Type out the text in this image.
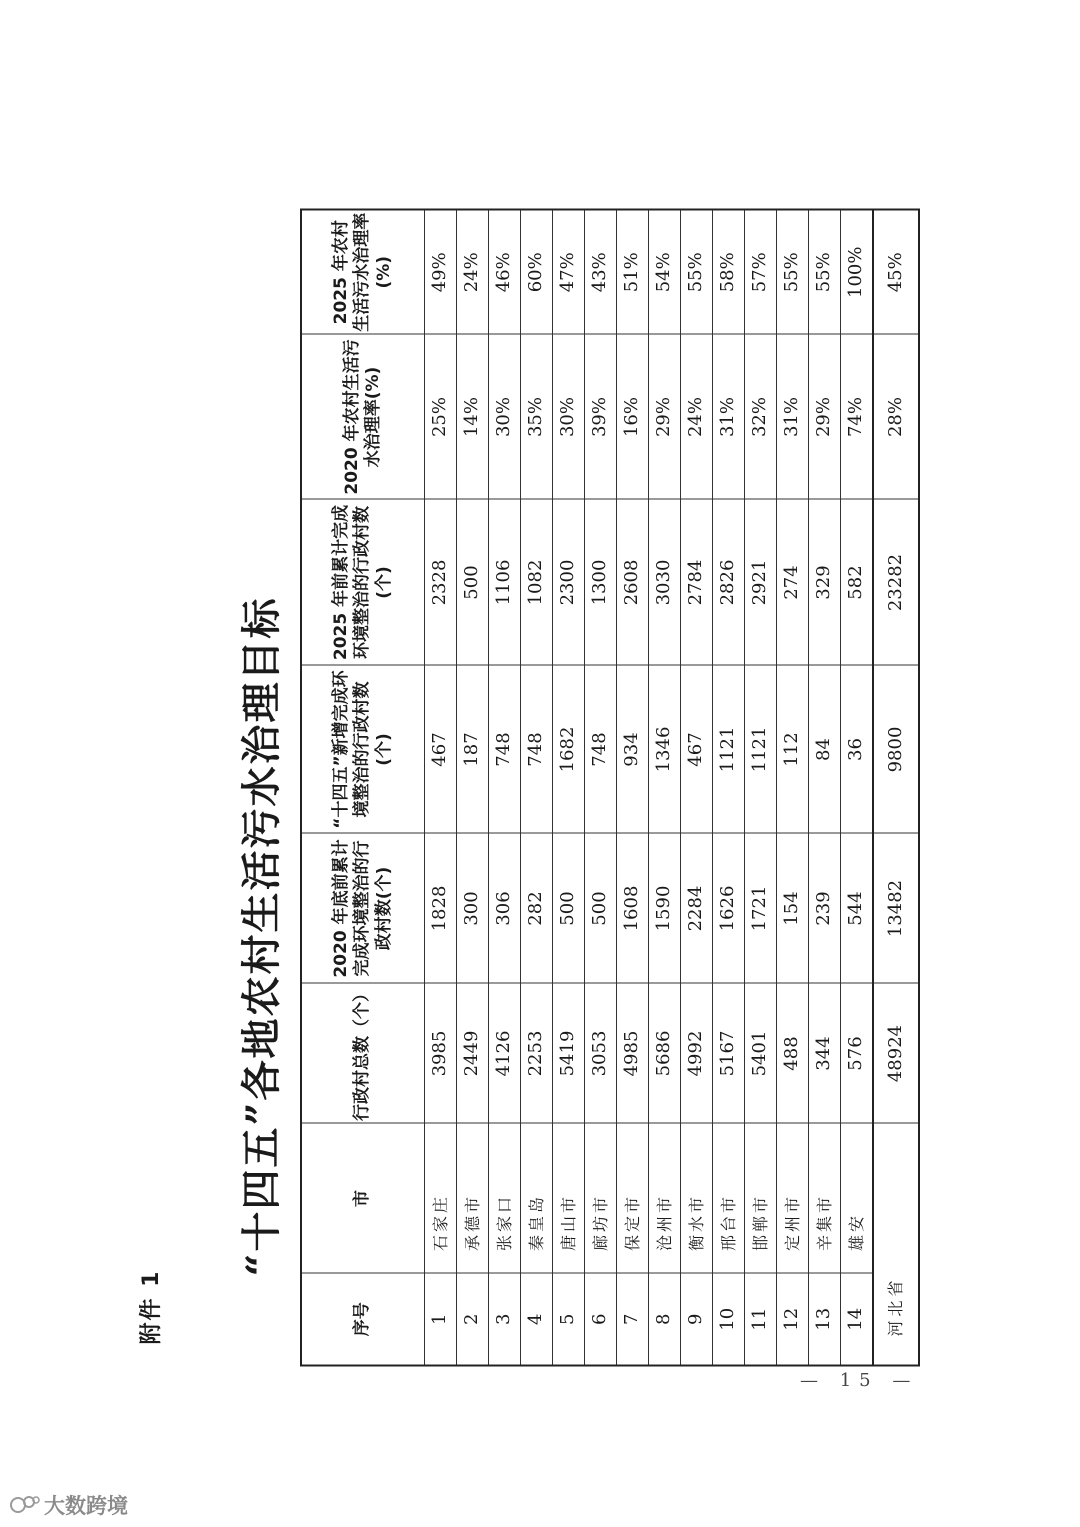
附件 1
“十四五”各地农村生活污水治理目标
序号	市	行政村总数（个）	2020 年底前累计完成环境整治的行政村数(个)	“十四五”新增完成环境整治的行政村数(个)	2025 年前累计完成环境整治的行政村数(个)	2020 年农村生活污水治理率(%)	2025 年农村生活污水治理率(%)
1	石家庄	3985	1828	467	2328	25%	49%
2	承德市	2449	300	187	500	14%	24%
3	张家口	4126	306	748	1106	30%	46%
4	秦皇岛	2253	282	748	1082	35%	60%
5	唐山市	5419	500	1682	2300	30%	47%
6	廊坊市	3053	500	748	1300	39%	43%
7	保定市	4985	1608	934	2608	16%	51%
8	沧州市	5686	1590	1346	3030	29%	54%
9	衡水市	4992	2284	467	2784	24%	55%
10	邢台市	5167	1626	1121	2826	31%	58%
11	邯郸市	5401	1721	1121	2921	32%	57%
12	定州市	488	154	112	274	31%	55%
13	辛集市	344	239	84	329	29%	55%
14	雄安	576	544	36	582	74%	100%
河北省		48924	13482	9800	23282	28%	45%
— 15 —
大数跨境
